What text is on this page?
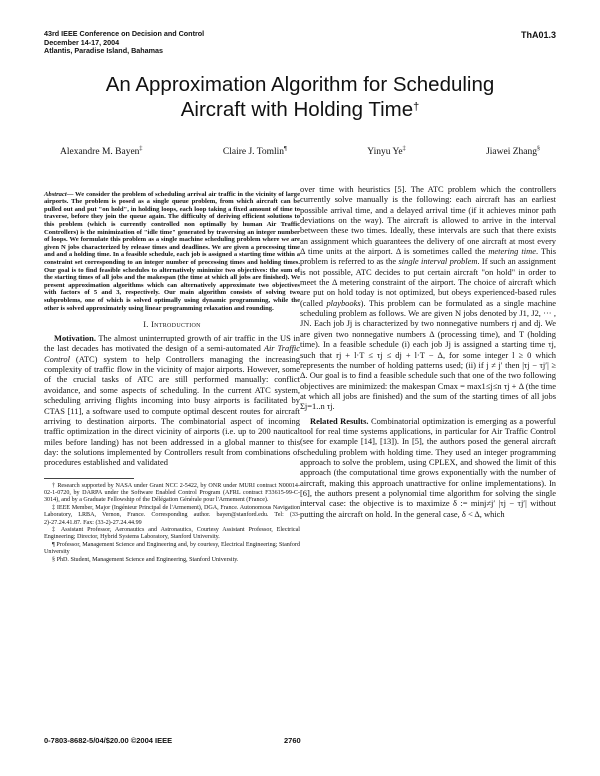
43rd IEEE Conference on Decision and Control
December 14-17, 2004
Atlantis, Paradise Island, Bahamas
ThA01.3
An Approximation Algorithm for Scheduling
Aircraft with Holding Time†
Alexandre M. Bayen‡	Claire J. Tomlin¶	Yinyu Ye‡	Jiawei Zhang§

Abstract— We consider the problem of scheduling arrival air traffic in the vicinity of large airports. The problem is posed as a single queue problem, from which aircraft can be pulled out and put "on hold", in holding loops, each loop taking a fixed amount of time to traverse, before they join the queue again. The difficulty of deriving efficient solutions to this problem (which is currently controlled non optimally by human Air Traffic Controllers) is the minimization of "idle time" generated by traversing an integer number of loops. We formulate this problem as a single machine scheduling problem where we are given N jobs characterized by release times and deadlines. We are given a processing time and and a holding time. In a feasible schedule, each job is assigned a starting time within a constraint set corresponding to an integer number of processing times and holding times. Our goal is to find feasible schedules to alternatively minimize two objectives: the sum of the starting times of all jobs and the makespan (the time at which all jobs are finished). We present approximation algorithms which can alternatively approximate two objectives with factors of 5 and 3, respectively. Our main algorithm consists of solving two subproblems, one of which is solved optimally using dynamic programming, while the other is solved approximately using linear programming relaxation and rounding.

I. Introduction

Motivation. The almost uninterrupted growth of air traffic in the US in the last decades has motivated the design of a semi-automated Air Traffic Control (ATC) system to help Controllers managing the increasing complexity of traffic flow in the vicinity of major airports. However, some of the crucial tasks of ATC are still performed manually: conflict avoidance, and some aspects of scheduling. In the current ATC system, scheduling arriving flights incoming into busy airports is facilitated by CTAS [11], a software used to compute optimal descent routes for aircraft arriving to destination airports. The combinatorial aspect of incoming traffic optimization in the direct vicinity of airports (i.e. up to 200 nautical miles before landing) has not been addressed in a global manner to this day: the solutions implemented by Controllers result from combinations of procedures established and validated

† Research supported by NASA under Grant NCC 2-5422, by ONR under MURI contract N00014-02-1-0720, by DARPA under the Software Enabled Control Program (AFRL contract F33615-99-C-3014), and by a Graduate Fellowship of the Délégation Générale pour l'Armement (France).

‡ IEEE Member, Major (Ingénieur Principal de l'Armement), DGA, France. Autonomous Navigation Laboratory, LRBA, Vernon, France. Corresponding author. bayen@stanford.edu. Tel: (33-2)-27.24.41.87. Fax: (33-2)-27.24.44.99

‡ Assistant Professor, Aeronautics and Astronautics, Courtesy Assistant Professor, Electrical Engineering; Director, Hybrid Systems Laboratory, Stanford University.

¶ Professor, Management Science and Engineering and, by courtesy, Electrical Engineering; Stanford University

§ PhD. Student, Management Science and Engineering, Stanford University.

over time with heuristics [5]. The ATC problem which the controllers currently solve manually is the following: each aircraft has an earliest possible arrival time, and a delayed arrival time (if it achieves minor path deviations on the way). The aircraft is allowed to arrive in the interval between these two times. Ideally, these intervals are such that there exists an assignment which guarantees the delivery of one aircraft at most every Δ time units at the airport. Δ is sometimes called the metering time. This problem is referred to as the single interval problem. If such an assignment is not possible, ATC decides to put certain aircraft "on hold" in order to meet the Δ metering constraint of the airport. The choice of aircraft which are put on hold today is not optimized, but obeys experienced-based rules (called playbooks). This problem can be formulated as a single machine scheduling problem as follows. We are given N jobs denoted by J1, J2, ··· , JN. Each job Jj is characterized by two nonnegative numbers rj and dj. We are given two nonnegative numbers Δ (processing time), and T (holding time). In a feasible schedule (i) each job Jj is assigned a starting time τj, such that rj + l·T ≤ τj ≤ dj + l·T − Δ, for some integer l ≥ 0 which represents the number of holding patterns used; (ii) if j ≠ j′ then |τj − τj′| ≥ Δ. Our goal is to find a feasible schedule such that one of the two following objectives are minimized: the makespan Cmax = max1≤j≤n τj + Δ (the time at which all jobs are finished) and the sum of the starting times of all jobs Σj=1..n τj.

Related Results. Combinatorial optimization is emerging as a powerful tool for real time systems applications, in particular for Air Traffic Control (see for example [14], [13]). In [5], the authors posed the general aircraft scheduling problem with holding time. They used an integer programming approach to solve the problem, using CPLEX, and showed the limit of this approach (the computational time grows exponentially with the number of aircraft, making this approach unattractive for online implementations). In [6], the authors present a polynomial time algorithm for solving the single interval case: the objective is to maximize δ := minj≠j′ |τj − τj′| without putting the aircraft on hold. In the general case, δ < Δ, which

0-7803-8682-5/04/$20.00 ©2004 IEEE	2760
